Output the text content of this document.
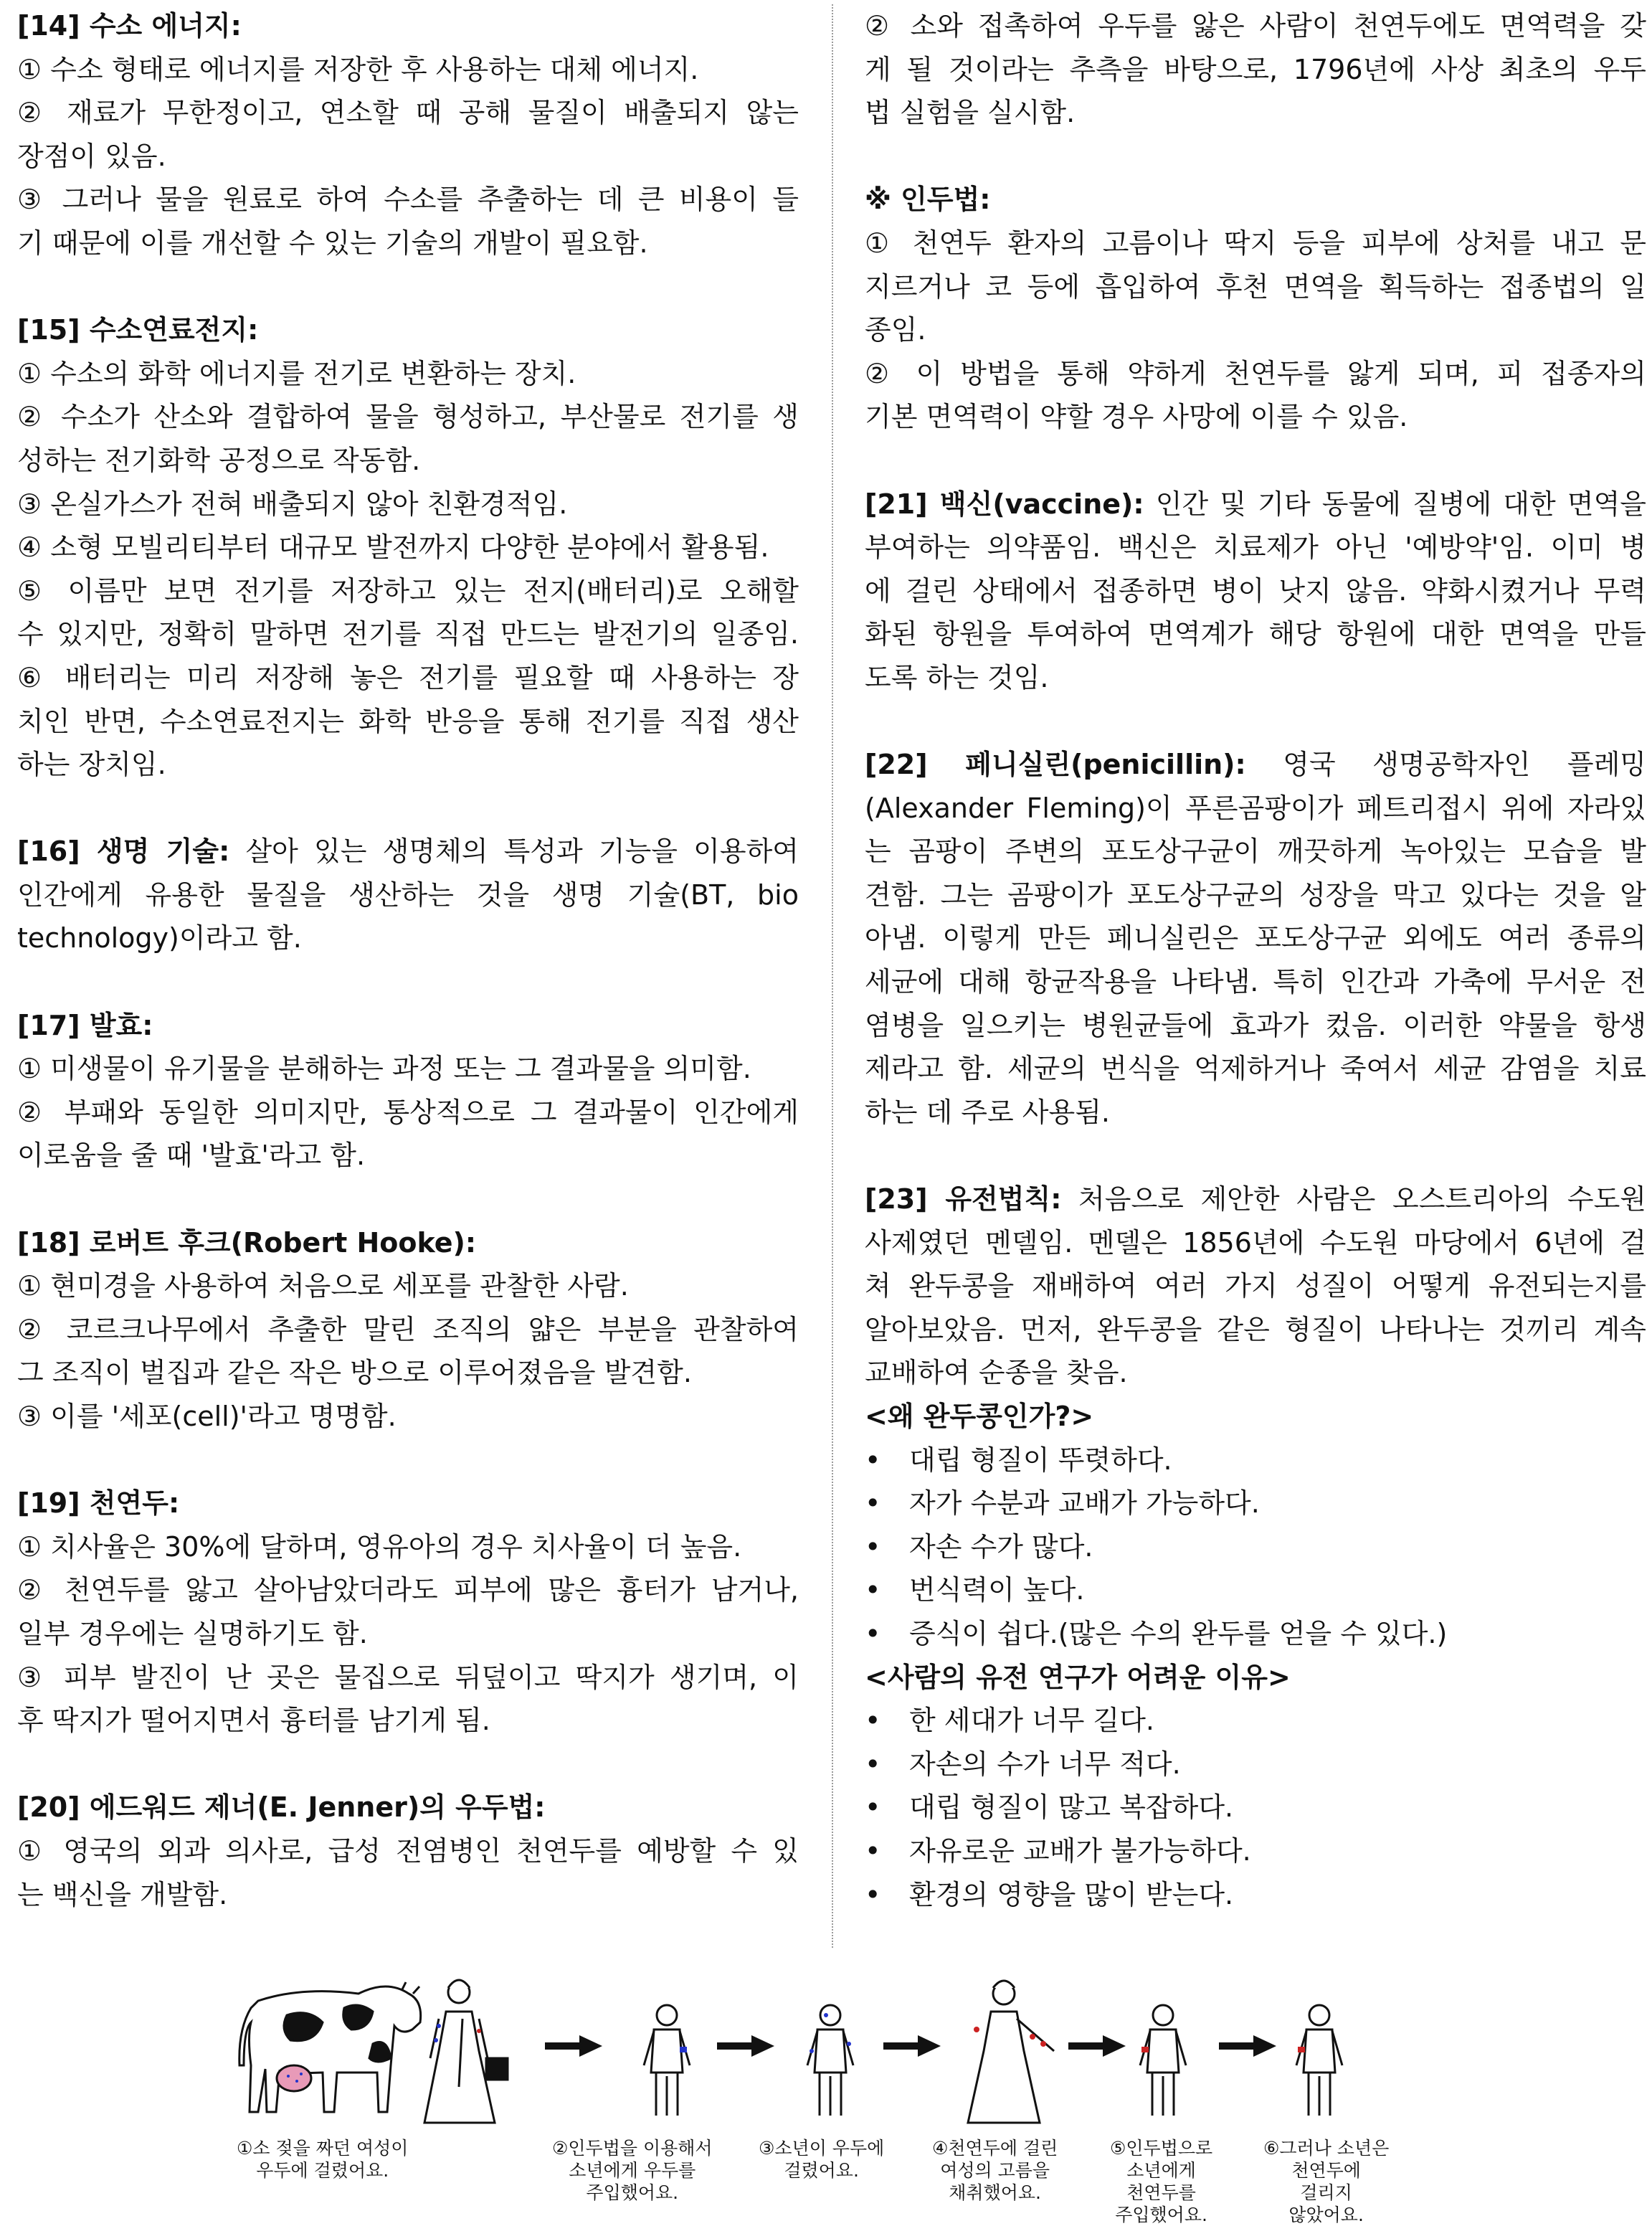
[14] 수소 에너지:
① 수소 형태로 에너지를 저장한 후 사용하는 대체 에너지.
② 재료가 무한정이고, 연소할 때 공해 물질이 배출되지 않는
장점이 있음.
③ 그러나 물을 원료로 하여 수소를 추출하는 데 큰 비용이 들
기 때문에 이를 개선할 수 있는 기술의 개발이 필요함.
[15] 수소연료전지:
① 수소의 화학 에너지를 전기로 변환하는 장치.
② 수소가 산소와 결합하여 물을 형성하고, 부산물로 전기를 생
성하는 전기화학 공정으로 작동함.
③ 온실가스가 전혀 배출되지 않아 친환경적임.
④ 소형 모빌리티부터 대규모 발전까지 다양한 분야에서 활용됨.
⑤ 이름만 보면 전기를 저장하고 있는 전지(배터리)로 오해할
수 있지만, 정확히 말하면 전기를 직접 만드는 발전기의 일종임.
⑥ 배터리는 미리 저장해 놓은 전기를 필요할 때 사용하는 장
치인 반면, 수소연료전지는 화학 반응을 통해 전기를 직접 생산
하는 장치임.
[16] 생명 기술: 살아 있는 생명체의 특성과 기능을 이용하여
인간에게 유용한 물질을 생산하는 것을 생명 기술(BT, bio
technology)이라고 함.
[17] 발효:
① 미생물이 유기물을 분해하는 과정 또는 그 결과물을 의미함.
② 부패와 동일한 의미지만, 통상적으로 그 결과물이 인간에게
이로움을 줄 때 '발효'라고 함.
[18] 로버트 후크(Robert Hooke):
① 현미경을 사용하여 처음으로 세포를 관찰한 사람.
② 코르크나무에서 추출한 말린 조직의 얇은 부분을 관찰하여
그 조직이 벌집과 같은 작은 방으로 이루어졌음을 발견함.
③ 이를 '세포(cell)'라고 명명함.
[19] 천연두:
① 치사율은 30%에 달하며, 영유아의 경우 치사율이 더 높음.
② 천연두를 앓고 살아남았더라도 피부에 많은 흉터가 남거나,
일부 경우에는 실명하기도 함.
③ 피부 발진이 난 곳은 물집으로 뒤덮이고 딱지가 생기며, 이
후 딱지가 떨어지면서 흉터를 남기게 됨.
[20] 에드워드 제너(E. Jenner)의 우두법:
① 영국의 외과 의사로, 급성 전염병인 천연두를 예방할 수 있
는 백신을 개발함.
② 소와 접촉하여 우두를 앓은 사람이 천연두에도 면역력을 갖
게 될 것이라는 추측을 바탕으로, 1796년에 사상 최초의 우두
법 실험을 실시함.
※ 인두법:
① 천연두 환자의 고름이나 딱지 등을 피부에 상처를 내고 문
지르거나 코 등에 흡입하여 후천 면역을 획득하는 접종법의 일
종임.
② 이 방법을 통해 약하게 천연두를 앓게 되며, 피 접종자의
기본 면역력이 약할 경우 사망에 이를 수 있음.
[21] 백신(vaccine): 인간 및 기타 동물에 질병에 대한 면역을
부여하는 의약품임. 백신은 치료제가 아닌 '예방약'임. 이미 병
에 걸린 상태에서 접종하면 병이 낫지 않음. 약화시켰거나 무력
화된 항원을 투여하여 면역계가 해당 항원에 대한 면역을 만들
도록 하는 것임.
[22] 페니실린(penicillin): 영국 생명공학자인 플레밍
(Alexander Fleming)이 푸른곰팡이가 페트리접시 위에 자라있
는 곰팡이 주변의 포도상구균이 깨끗하게 녹아있는 모습을 발
견함. 그는 곰팡이가 포도상구균의 성장을 막고 있다는 것을 알
아냄. 이렇게 만든 페니실린은 포도상구균 외에도 여러 종류의
세균에 대해 항균작용을 나타냄. 특히 인간과 가축에 무서운 전
염병을 일으키는 병원균들에 효과가 컸음. 이러한 약물을 항생
제라고 함. 세균의 번식을 억제하거나 죽여서 세균 감염을 치료
하는 데 주로 사용됨.
[23] 유전법칙: 처음으로 제안한 사람은 오스트리아의 수도원
사제였던 멘델임. 멘델은 1856년에 수도원 마당에서 6년에 걸
쳐 완두콩을 재배하여 여러 가지 성질이 어떻게 유전되는지를
알아보았음. 먼저, 완두콩을 같은 형질이 나타나는 것끼리 계속
교배하여 순종을 찾음.
<왜 완두콩인가?>
• 대립 형질이 뚜렷하다.
• 자가 수분과 교배가 가능하다.
• 자손 수가 많다.
• 번식력이 높다.
• 증식이 쉽다.(많은 수의 완두를 얻을 수 있다.)
<사람의 유전 연구가 어려운 이유>
• 한 세대가 너무 길다.
• 자손의 수가 너무 적다.
• 대립 형질이 많고 복잡하다.
• 자유로운 교배가 불가능하다.
• 환경의 영향을 많이 받는다.
①소 젖을 짜던 여성이
우두에 걸렸어요.
②인두법을 이용해서
소년에게 우두를
주입했어요.
③소년이 우두에
걸렸어요.
④천연두에 걸린
여성의 고름을
채취했어요.
⑤인두법으로
소년에게
천연두를
주입했어요.
⑥그러나 소년은
천연두에
걸리지
않았어요.
